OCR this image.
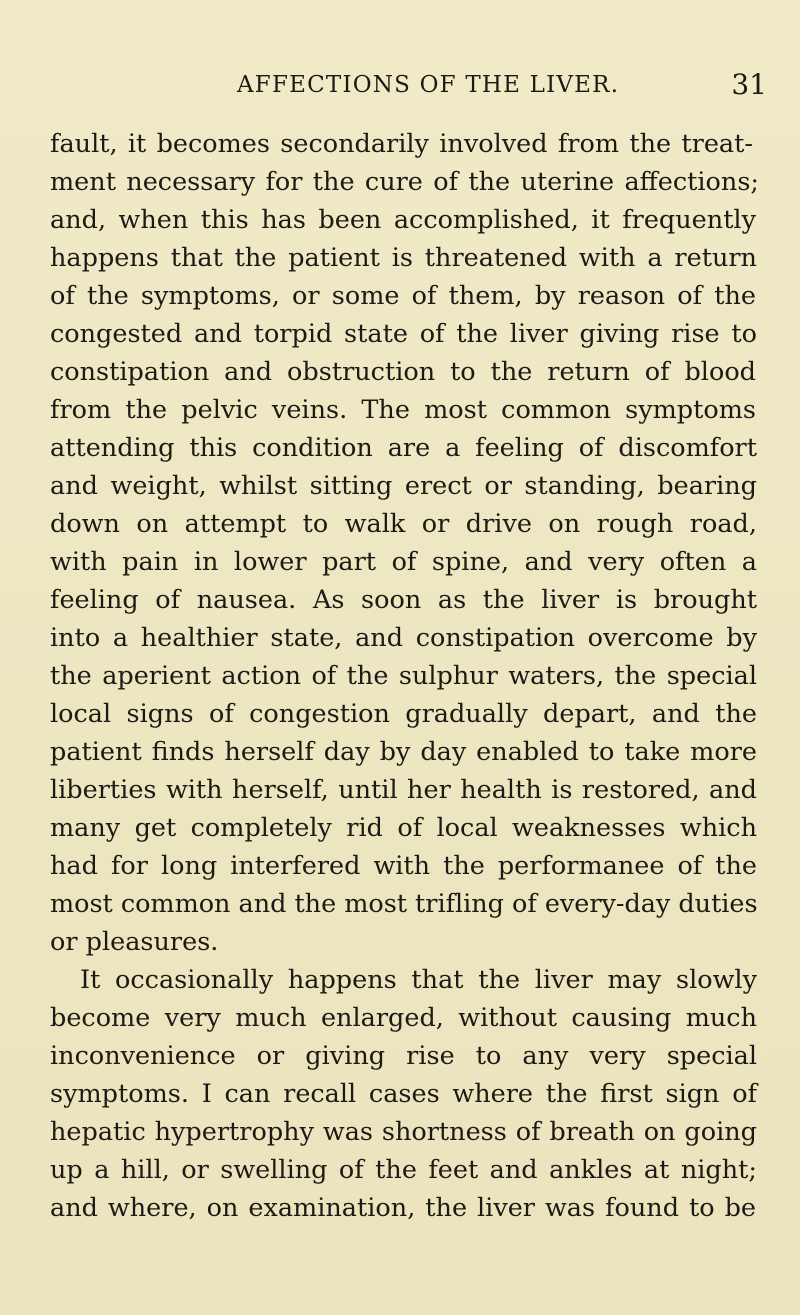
AFFECTIONS OF THE LIVER.	31
fault, it becomes secondarily involved from the treat-
ment necessary for the cure of the uterine affections;
and, when this has been accomplished, it frequently
happens that the patient is threatened with a return
of the symptoms, or some of them, by reason of the
congested and torpid state of the liver giving rise to
constipation and obstruction to the return of blood
from the pelvic veins. The most common symptoms
attending this condition are a feeling of discomfort
and weight, whilst sitting erect or standing, bearing
down on attempt to walk or drive on rough road,
with pain in lower part of spine, and very often a
feeling of nausea. As soon as the liver is brought
into a healthier state, and constipation overcome by
the aperient action of the sulphur waters, the special
local signs of congestion gradually depart, and the
patient finds herself day by day enabled to take more
liberties with herself, until her health is restored, and
many get completely rid of local weaknesses which
had for long interfered with the performanee of the
most common and the most trifling of every-day duties
or pleasures.
It occasionally happens that the liver may slowly
become very much enlarged, without causing much
inconvenience or giving rise to any very special
symptoms. I can recall cases where the first sign of
hepatic hypertrophy was shortness of breath on going
up a hill, or swelling of the feet and ankles at night;
and where, on examination, the liver was found to be
